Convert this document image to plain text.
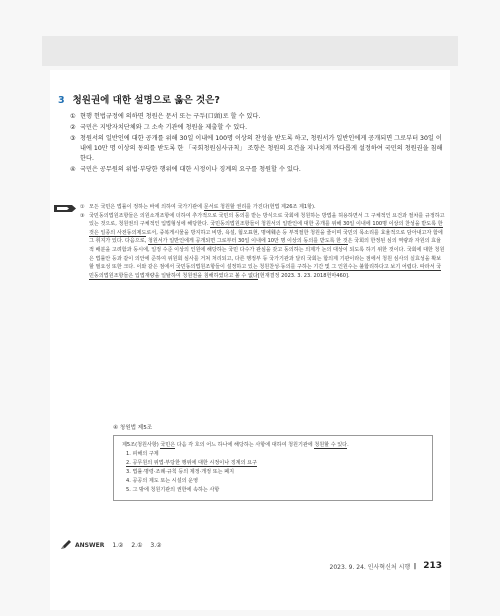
3 청원권에 대한 설명으로 옳은 것은?
① 현행 헌법규정에 의하면 청원은 문서 또는 구두(口頭)로 할 수 있다.
② 국민은 지방자치단체와 그 소속 기관에 청원을 제출할 수 있다.
③ 청원서의 일반인에 대한 공개를 위해 30일 이내에 100명 이상의 찬성을 받도록 하고, 청원서가 일반인에게 공개되면 그로부터 30일 이내에 10만 명 이상의 동의를 받도록 한 「국회청원심사규칙」 조항은 청원의 요건을 지나치게 까다롭게 설정하여 국민의 청원권을 침해한다.
④ 국민은 공무원의 위법·부당한 행위에 대한 시정이나 징계의 요구를 청원할 수 있다.
① 모든 국민은 법률이 정하는 바에 의하여 국가기관에 문서로 청원할 권리를 가진다(헌법 제26조 제1항).
③ 국민동의법원조항들은 의원소개조항에 더하여 추가적으로 국민의 동의를 받는 방식으로 국회에 청원하는 방법을 허용하면서 그 구체적인 요건과 절차를 규정하고 있는 것으로, 청원권의 구체적인 입법형성에 해당한다. 국민동의법원조항들이 청원서의 일반인에 대한 공개를 위해 30일 이내에 100명 이상의 찬성을 받도록 한 것은 일종의 사전동의제도로서, 중복게시물을 방지하고 비방, 욕설, 혐오표현, 명예훼손 등 부적절한 청원을 줄이며 국민의 목소리를 효율적으로 담아내고자 함에 그 취지가 있다. 다음으로, 청원서가 일반인에게 공개되면 그로부터 30일 이내에 10만 명 이상의 동의를 받도록 한 것은 국회의 한정된 심의 역량과 자원의 효율적 배분을 고려함과 동시에, 일정 수준 이상의 인원에 해당하는 국민 다수가 관심을 갖고 동의하는 의제가 논의 대상이 되도록 하기 위한 것이다. 국회에 대한 청원은 법률안 등과 같이 의안에 준하여 위원회 심사를 거쳐 처리되고, 다른 행정부 등 국가기관과 달리 국회는 합의제 기관이라는 점에서 청원 심사의 실효성을 확보할 필요성 또한 크다. 이와 같은 점에서 국민동의법원조항들이 설정하고 있는 청원찬성·동의를 구하는 기간 및 그 인원수는 불합리하다고 보기 어렵다. 따라서 국민동의법원조항들은 입법재량을 일탈하여 청원권을 침해하였다고 볼 수 없다[헌재결정 2023. 3. 23. 2018헌마460].
④ 청원법 제5조
제5조(청원사항) 국민은 다음 각 호의 어느 하나에 해당하는 사항에 대하여 청원기관에 청원할 수 있다.
1. 피해의 구제
2. 공무원의 위법·부당한 행위에 대한 시정이나 징계의 요구
3. 법률·명령·조례·규칙 등의 제정·개정 또는 폐지
4. 공공의 제도 또는 시설의 운영
5. 그 밖에 청원기관의 권한에 속하는 사항
ANSWER 1.② 2.① 3.②
2023. 9. 24. 인사혁신처 시행 ‖ 213
